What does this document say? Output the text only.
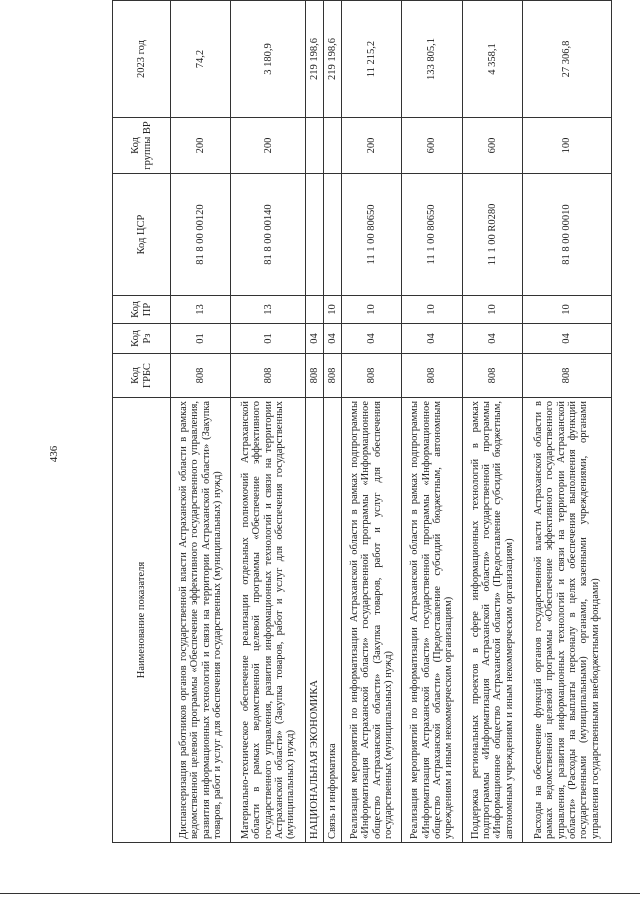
436
Наименование показателя	Код ГРБС	Код Рз	Код ПР	Код ЦСР	Код группы ВР	2023 год
Диспансеризация работников органов государственной власти Астраханской области в рамках ведомственной целевой программы «Обеспечение эффективного государственного управления, развития информационных технологий и связи на территории Астраханской области» (Закупка товаров, работ и услуг для обеспечения государственных (муниципальных) нужд)	808	01	13	81 8 00 00120	200	74,2
Материально-техническое обеспечение реализации отдельных полномочий Астраханской области в рамках ведомственной целевой программы «Обеспечение эффективного государственного управления, развития информационных технологий и связи на территории Астраханской области» (Закупка товаров, работ и услуг для обеспечения государственных (муниципальных) нужд)	808	01	13	81 8 00 00140	200	3 180,9
НАЦИОНАЛЬНАЯ ЭКОНОМИКА	808	04				219 198,6
Связь и информатика	808	04	10			219 198,6
Реализация мероприятий по информатизации Астраханской области в рамках подпрограммы «Информатизация Астраханской области» государственной программы «Информационное общество Астраханской области» (Закупка товаров, работ и услуг для обеспечения государственных (муниципальных) нужд)	808	04	10	11 1 00 80650	200	11 215,2
Реализация мероприятий по информатизации Астраханской области в рамках подпрограммы «Информатизация Астраханской области» государственной программы «Информационное общество Астраханской области» (Предоставление субсидий бюджетным, автономным учреждениям и иным некоммерческим организациям)	808	04	10	11 1 00 80650	600	133 805,1
Поддержка региональных проектов в сфере информационных технологий в рамках подпрограммы «Информатизация Астраханской области» государственной программы «Информационное общество Астраханской области» (Предоставление субсидий бюджетным, автономным учреждениям и иным некоммерческим организациям)	808	04	10	11 1 00 R0280	600	4 358,1
Расходы на обеспечение функций органов государственной власти Астраханской области в рамках ведомственной целевой программы «Обеспечение эффективного государственного управления, развития информационных технологий и связи на территории Астраханской области» (Расходы на выплаты персоналу в целях обеспечения выполнения функций государственными (муниципальными) органами, казенными учреждениями, органами управления государственными внебюджетными фондами)	808	04	10	81 8 00 00010	100	27 306,8
